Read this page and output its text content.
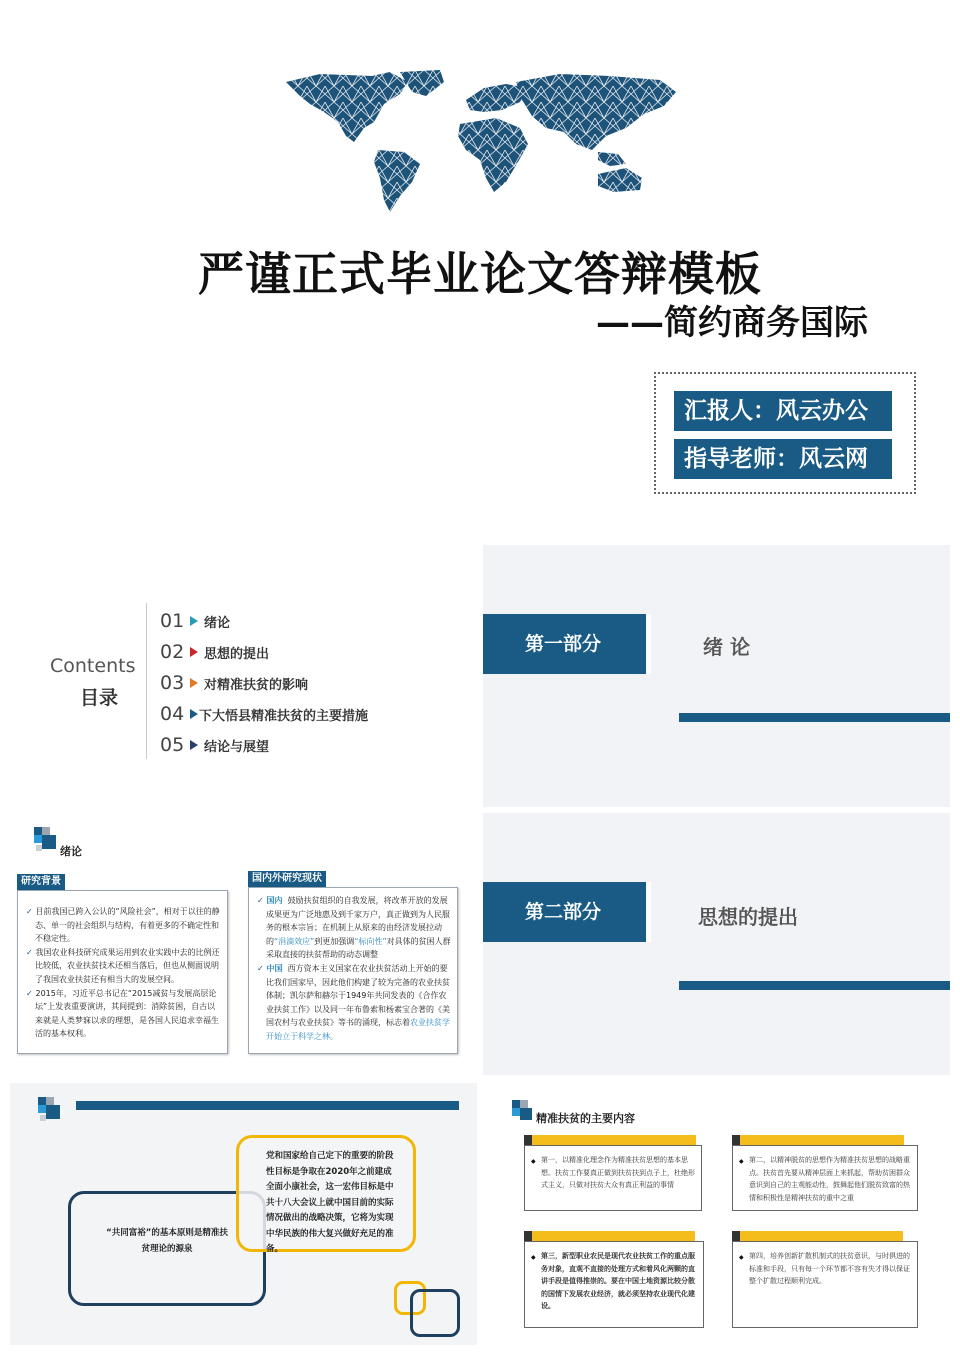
严谨正式毕业论文答辩模板
——简约商务国际
汇报人：风云办公
指导老师：风云网
Contents
目录
01 绪论
02 思想的提出
03 对精准扶贫的影响
04 下大悟县精准扶贫的主要措施
05 结论与展望
第一部分	绪 论
第二部分	思想的提出
绪论
研究背景

✓ 目前我国已跨入公认的“风险社会”，相对于以往的静态、单一的社会组织与结构，有着更多的不确定性和不稳定性。

✓ 我国农业科技研究成果运用到农业实践中去的比例还比较低，农业扶贫技术还相当落后，但也从侧面说明了我国农业扶贫还有相当大的发展空间。

✓ 2015年，习近平总书记在“2015减贫与发展高层论坛”上发表重要演讲，其间提到：消除贫困，自古以来就是人类梦寐以求的理想，是各国人民追求幸福生活的基本权利。

国内外研究现状

✓ 国内 鼓励扶贫组织的自我发展，将改革开放的发展成果更为广泛地惠及到千家万户，真正做到为人民服务的根本宗旨；在机制上从原来的由经济发展拉动的“涓滴效应”到更加强调“标向性”对具体的贫困人群采取直接的扶贫帮助的动态调整

✓ 中国 西方资本主义国家在农业扶贫活动上开始的要比我们国家早，因此他们构建了较为完备的农业扶贫体制；凯尔萨和赫尔于1949年共同发表的《合作农业扶贫工作》以及同一年布鲁索和杨素宝合著的《美国农村与农业扶贫》等书的涌现，标志着农业扶贫学开始立于科学之林。

“共同富裕”的基本原则是精准扶贫理论的源泉
党和国家给自己定下的重要的阶段性目标是争取在2020年之前建成全面小康社会，这一宏伟目标是中共十八大会议上就中国目前的实际情况做出的战略决策，它将为实现中华民族的伟大复兴做好充足的准备。
精准扶贫的主要内容
◆ 第一，以精准化理念作为精准扶贫思想的基本思想。扶贫工作要真正做到扶贫扶到点子上，杜绝形式主义，只做对扶贫大众有真正利益的事情
◆ 第二，以精神脱贫的思想作为精准扶贫思想的战略重点。扶贫首先要从精神层面上来抓起，帮助贫困群众意识到自己的主观能动性，鼓舞起他们脱贫致富的热情和积极性是精神扶贫的重中之重
◆ 第三，新型职业农民是现代农业扶贫工作的重点服务对象，直观不直接的处理方式和着风化两颗的直讲手段是值得推崇的。要在中国土地资源比较分散的国情下发展农业经济，就必须坚持农业现代化建设。
◆ 第四，培养创新扩散机制式的扶贫意识，与时俱进的标准和手段，只有每一个环节都不容有失才得以保证整个扩散过程顺利完成。
